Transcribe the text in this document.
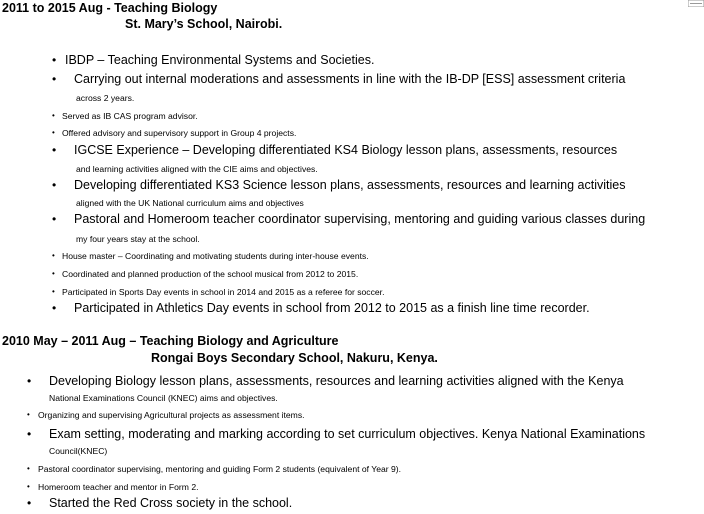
2011 to 2015 Aug - Teaching Biology
St. Mary’s School, Nairobi.
• IBDP – Teaching Environmental Systems and Societies.
• Carrying out internal moderations and assessments in line with the IB-DP [ESS] assessment criteria
across 2 years.
• Served as IB CAS program advisor.
• Offered advisory and supervisory support in Group 4 projects.
• IGCSE Experience – Developing differentiated KS4 Biology lesson plans, assessments, resources
and learning activities aligned with the CIE aims and objectives.
• Developing differentiated KS3 Science lesson plans, assessments, resources and learning activities
aligned with the UK National curriculum aims and objectives
• Pastoral and Homeroom teacher coordinator supervising, mentoring and guiding various classes during
my four years stay at the school.
• House master – Coordinating and motivating students during inter-house events.
• Coordinated and planned production of the school musical from 2012 to 2015.
• Participated in Sports Day events in school in 2014 and 2015 as a referee for soccer.
• Participated in Athletics Day events in school from 2012 to 2015 as a finish line time recorder.
2010 May – 2011 Aug – Teaching Biology and Agriculture
Rongai Boys Secondary School, Nakuru, Kenya.
• Developing Biology lesson plans, assessments, resources and learning activities aligned with the Kenya
National Examinations Council (KNEC) aims and objectives.
• Organizing and supervising Agricultural projects as assessment items.
• Exam setting, moderating and marking according to set curriculum objectives. Kenya National Examinations
Council(KNEC)
• Pastoral coordinator supervising, mentoring and guiding Form 2 students (equivalent of Year 9).
• Homeroom teacher and mentor in Form 2.
• Started the Red Cross society in the school.
